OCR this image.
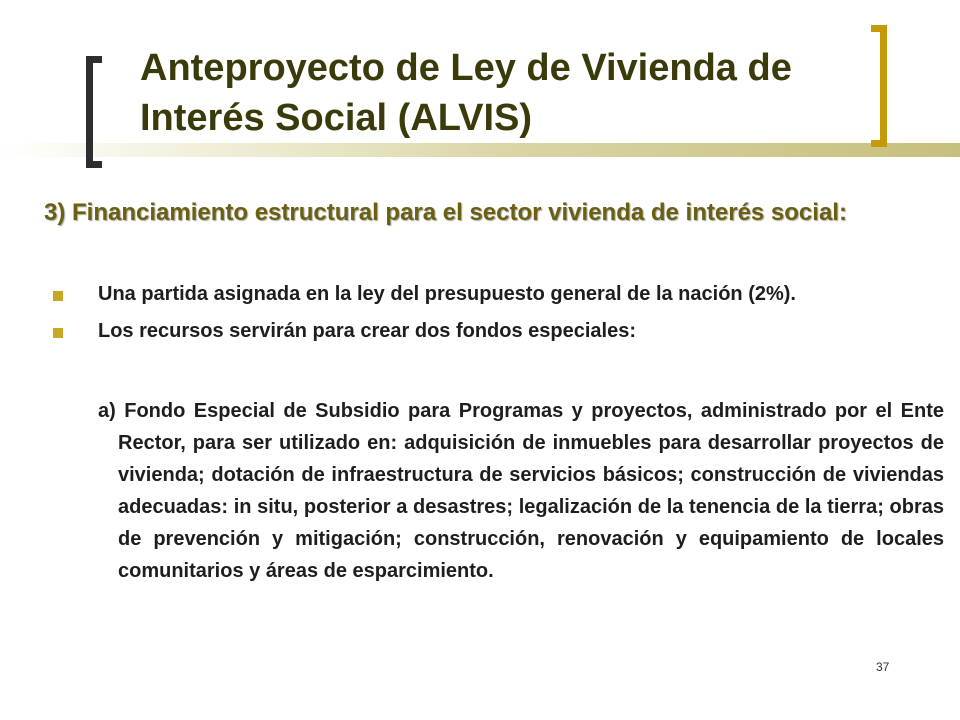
Anteproyecto de Ley de Vivienda de Interés Social (ALVIS)
3) Financiamiento estructural para el sector vivienda de interés social:
Una partida asignada en la ley del presupuesto general de la nación (2%).
Los recursos servirán para crear dos fondos especiales:

a) Fondo Especial de Subsidio para Programas y proyectos, administrado por el Ente Rector, para ser utilizado en: adquisición de inmuebles para desarrollar proyectos de vivienda; dotación de infraestructura de servicios básicos; construcción de viviendas adecuadas: in situ, posterior a desastres; legalización de la tenencia de la tierra; obras de prevención y mitigación; construcción, renovación y equipamiento de locales comunitarios y áreas de esparcimiento.

37
